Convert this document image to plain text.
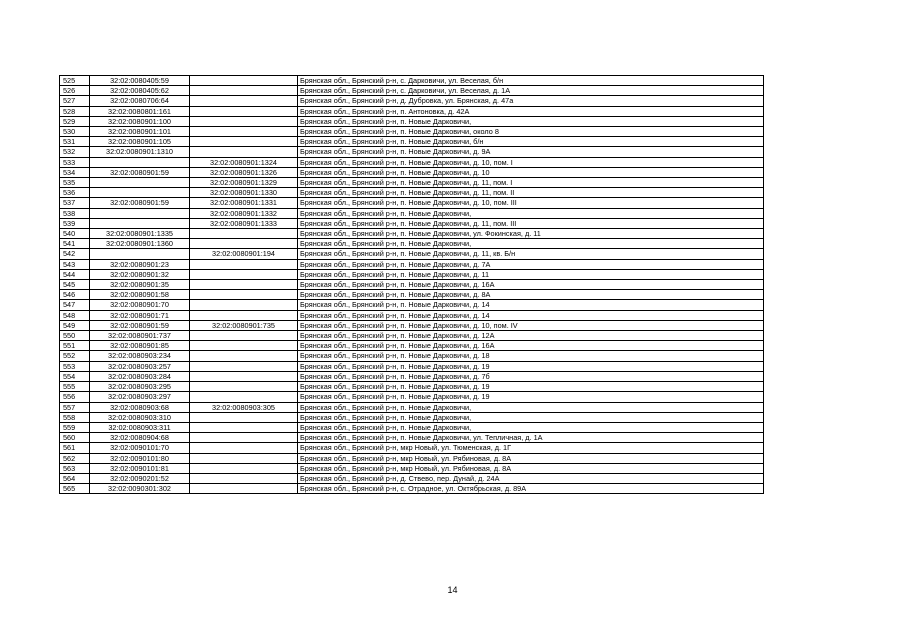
525	32:02:0080405:59		Брянская обл., Брянский р-н, с. Дарковичи, ул. Веселая, б/н
526	32:02:0080405:62		Брянская обл., Брянский р-н, с. Дарковичи, ул. Веселая, д. 1А
527	32:02:0080706:64		Брянская обл., Брянский р-н, д. Дубровка, ул. Брянская, д. 47а
528	32:02:0080801:161		Брянская обл., Брянский р-н, п. Антоновка, д. 42А
529	32:02:0080901:100		Брянская обл., Брянский р-н, п. Новые Дарковичи,
530	32:02:0080901:101		Брянская обл., Брянский р-н, п. Новые Дарковичи, около 8
531	32:02:0080901:105		Брянская обл., Брянский р-н, п. Новые Дарковичи, б/н
532	32:02:0080901:1310		Брянская обл., Брянский р-н, п. Новые Дарковичи, д. 9А
533		32:02:0080901:1324	Брянская обл., Брянский р-н, п. Новые Дарковичи, д. 10, пом. I
534	32:02:0080901:59	32:02:0080901:1326	Брянская обл., Брянский р-н, п. Новые Дарковичи, д. 10
535		32:02:0080901:1329	Брянская обл., Брянский р-н, п. Новые Дарковичи, д. 11, пом. I
536		32:02:0080901:1330	Брянская обл., Брянский р-н, п. Новые Дарковичи, д. 11, пом. II
537	32:02:0080901:59	32:02:0080901:1331	Брянская обл., Брянский р-н, п. Новые Дарковичи, д. 10, пом. III
538		32:02:0080901:1332	Брянская обл., Брянский р-н, п. Новые Дарковичи,
539		32:02:0080901:1333	Брянская обл., Брянский р-н, п. Новые Дарковичи, д. 11, пом. III
540	32:02:0080901:1335		Брянская обл., Брянский р-н, п. Новые Дарковичи, ул. Фокинская, д. 11
541	32:02:0080901:1360		Брянская обл., Брянский р-н, п. Новые Дарковичи,
542		32:02:0080901:194	Брянская обл., Брянский р-н, п. Новые Дарковичи, д. 11, кв. Б/н
543	32:02:0080901:23		Брянская обл., Брянский р-н, п. Новые Дарковичи, д. 7А
544	32:02:0080901:32		Брянская обл., Брянский р-н, п. Новые Дарковичи, д. 11
545	32:02:0080901:35		Брянская обл., Брянский р-н, п. Новые Дарковичи, д. 16А
546	32:02:0080901:58		Брянская обл., Брянский р-н, п. Новые Дарковичи, д. 8А
547	32:02:0080901:70		Брянская обл., Брянский р-н, п. Новые Дарковичи, д. 14
548	32:02:0080901:71		Брянская обл., Брянский р-н, п. Новые Дарковичи, д. 14
549	32:02:0080901:59	32:02:0080901:735	Брянская обл., Брянский р-н, п. Новые Дарковичи, д. 10, пом. IV
550	32:02:0080901:737		Брянская обл., Брянский р-н, п. Новые Дарковичи, д. 12А
551	32:02:0080901:85		Брянская обл., Брянский р-н, п. Новые Дарковичи, д. 16А
552	32:02:0080903:234		Брянская обл., Брянский р-н, п. Новые Дарковичи, д. 18
553	32:02:0080903:257		Брянская обл., Брянский р-н, п. Новые Дарковичи, д. 19
554	32:02:0080903:284		Брянская обл., Брянский р-н, п. Новые Дарковичи, д. 7б
555	32:02:0080903:295		Брянская обл., Брянский р-н, п. Новые Дарковичи, д. 19
556	32:02:0080903:297		Брянская обл., Брянский р-н, п. Новые Дарковичи, д. 19
557	32:02:0080903:68	32:02:0080903:305	Брянская обл., Брянский р-н, п. Новые Дарковичи,
558	32:02:0080903:310		Брянская обл., Брянский р-н, п. Новые Дарковичи,
559	32:02:0080903:311		Брянская обл., Брянский р-н, п. Новые Дарковичи,
560	32:02:0080904:68		Брянская обл., Брянский р-н, п. Новые Дарковичи, ул. Тепличная, д. 1А
561	32:02:0090101:70		Брянская обл., Брянский р-н, мкр Новый, ул. Тюменская, д. 1Г
562	32:02:0090101:80		Брянская обл., Брянский р-н, мкр Новый, ул. Рябиновая, д. 8А
563	32:02:0090101:81		Брянская обл., Брянский р-н, мкр Новый, ул. Рябиновая, д. 8А
564	32:02:0090201:52		Брянская обл., Брянский р-н, д. Ствево, пер. Дунай, д. 24А
565	32:02:0090301:302		Брянская обл., Брянский р-н, с. Отрадное, ул. Октябрьская, д. 89А
14
